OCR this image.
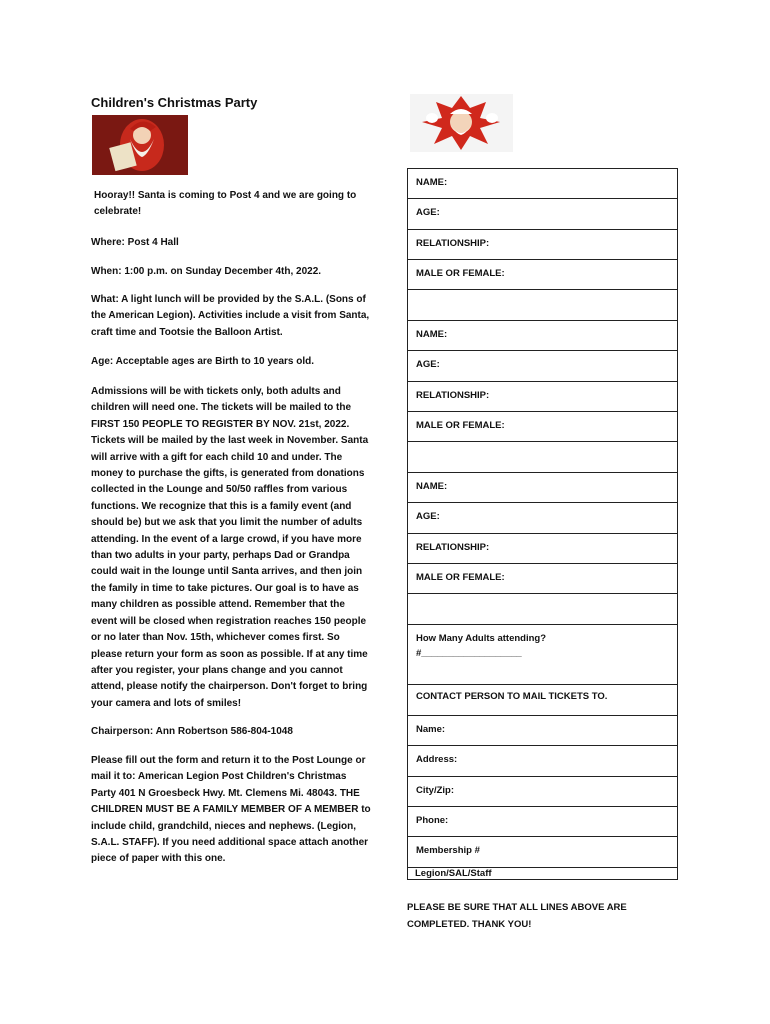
Children's Christmas Party

Hooray!! Santa is coming to Post 4 and we are going to celebrate!

Where: Post 4 Hall

When: 1:00 p.m. on Sunday December 4th, 2022.

What: A light lunch will be provided by the S.A.L. (Sons of the American Legion). Activities include a visit from Santa, craft time and Tootsie the Balloon Artist.

Age: Acceptable ages are Birth to 10 years old.

Admissions will be with tickets only, both adults and children will need one. The tickets will be mailed to the FIRST 150 PEOPLE TO REGISTER BY NOV. 21st, 2022. Tickets will be mailed by the last week in November. Santa will arrive with a gift for each child 10 and under. The money to purchase the gifts, is generated from donations collected in the Lounge and 50/50 raffles from various functions. We recognize that this is a family event (and should be) but we ask that you limit the number of adults attending. In the event of a large crowd, if you have more than two adults in your party, perhaps Dad or Grandpa could wait in the lounge until Santa arrives, and then join the family in time to take pictures. Our goal is to have as many children as possible attend. Remember that the event will be closed when registration reaches 150 people or no later than Nov. 15th, whichever comes first. So please return your form as soon as possible. If at any time after you register, your plans change and you cannot attend, please notify the chairperson. Don't forget to bring your camera and lots of smiles!

Chairperson: Ann Robertson 586-804-1048

Please fill out the form and return it to the Post Lounge or mail it to: American Legion Post Children's Christmas Party 401 N Groesbeck Hwy. Mt. Clemens Mi. 48043. THE CHILDREN MUST BE A FAMILY MEMBER OF A MEMBER to include child, grandchild, nieces and nephews. (Legion, S.A.L. STAFF). If you need additional space attach another piece of paper with this one.

NAME:
AGE:
RELATIONSHIP:
MALE OR FEMALE:
NAME:
AGE:
RELATIONSHIP:
MALE OR FEMALE:
NAME:
AGE:
RELATIONSHIP:
MALE OR FEMALE:
How Many Adults attending?
#___________________
CONTACT PERSON TO MAIL TICKETS TO.
Name:
Address:
City/Zip:
Phone:
Membership #
Legion/SAL/Staff
PLEASE BE SURE THAT ALL LINES ABOVE ARE COMPLETED. THANK YOU!
